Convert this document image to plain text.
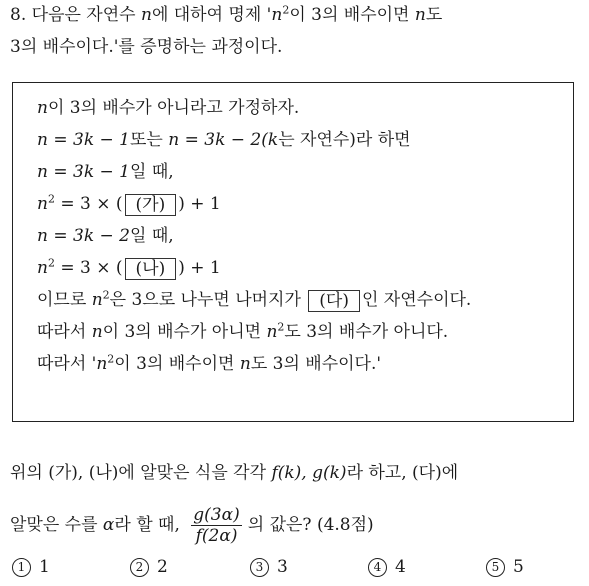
8. 다음은 자연수 n에 대하여 명제 '$n^2$이 3의 배수이면 n도
3의 배수이다.'를 증명하는 과정이다.
n이 3의 배수가 아니라고 가정하자.
n = 3k − 1또는 n = 3k − 2(k는 자연수)라 하면
n = 3k − 1일 때,
$n^2 = 3$ × ( (가) ) + 1
n = 3k − 2일 때,
$n^2 = 3$ × ( (나) ) + 1
이므로 $n^2$은 3으로 나누면 나머지가 (다) 인 자연수이다.
따라서 n이 3의 배수가 아니면 $n^2$도 3의 배수가 아니다.
따라서 '$n^2$이 3의 배수이면 n도 3의 배수이다.'
위의 (가), (나)에 알맞은 식을 각각 f(k), g(k)라 하고, (다)에
알맞은 수를 α라 할 때, $\frac{g(3\alpha)}{f(2\alpha)}$ 의 값은? (4.8점)
1 1	2 2	3 3	4 4	5 5
